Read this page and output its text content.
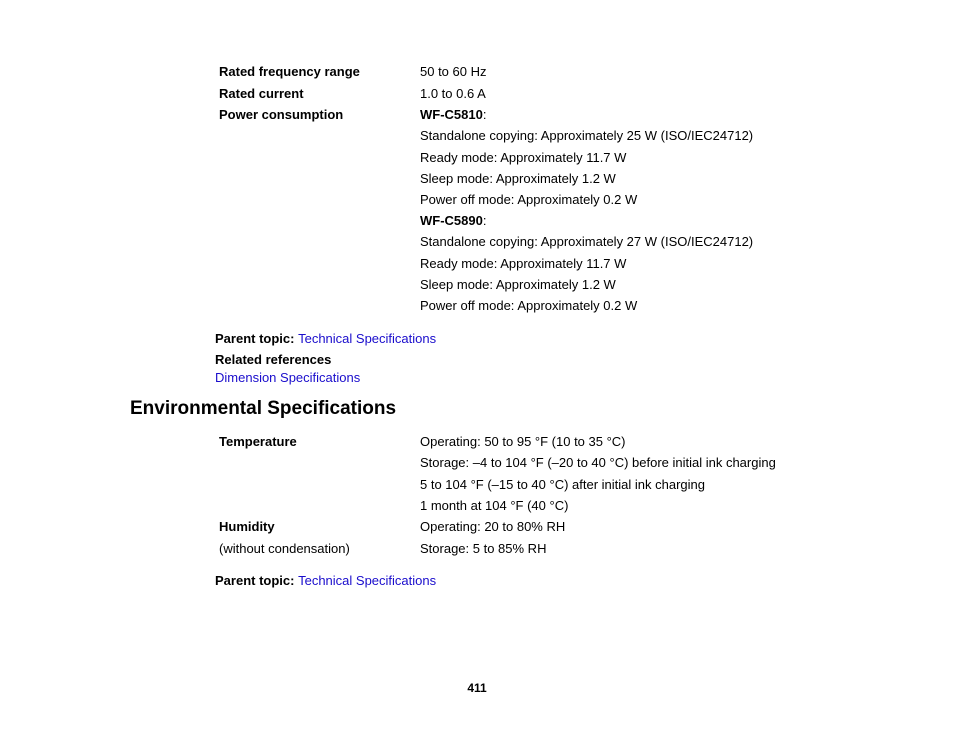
Rated frequency range	50 to 60 Hz
Rated current	1.0 to 0.6 A
Power consumption	WF-C5810:
Standalone copying: Approximately 25 W (ISO/IEC24712)
Ready mode: Approximately 11.7 W
Sleep mode: Approximately 1.2 W
Power off mode: Approximately 0.2 W
WF-C5890:
Standalone copying: Approximately 27 W (ISO/IEC24712)
Ready mode: Approximately 11.7 W
Sleep mode: Approximately 1.2 W
Power off mode: Approximately 0.2 W
Parent topic: Technical Specifications
Related references
Dimension Specifications
Environmental Specifications
Temperature	Operating: 50 to 95 °F (10 to 35 °C)
Storage: –4 to 104 °F (–20 to 40 °C) before initial ink charging
5 to 104 °F (–15 to 40 °C) after initial ink charging
1 month at 104 °F (40 °C)
Humidity	Operating: 20 to 80% RH
(without condensation)	Storage: 5 to 85% RH
Parent topic: Technical Specifications
411
